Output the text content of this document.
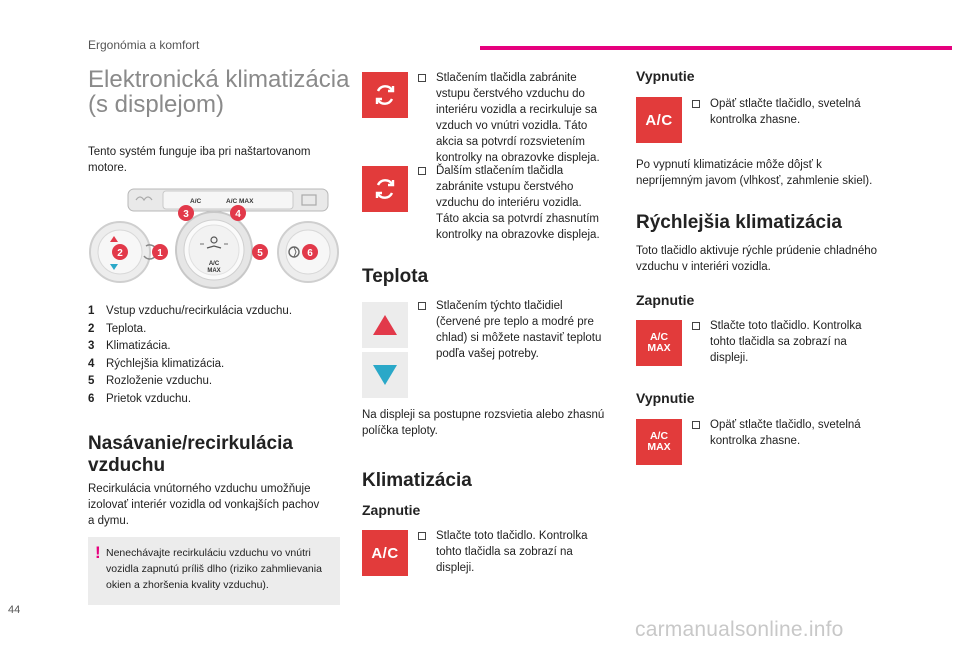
Ergonómia a komfort
Elektronická klimatizácia
(s displejom)
Tento systém funguje iba pri naštartovanom
motore.
A/C	A/C MAX
A/C
MAX
3	4
2	1	5	6
1	Vstup vzduchu/recirkulácia vzduchu.
2	Teplota.
3	Klimatizácia.
4	Rýchlejšia klimatizácia.
5	Rozloženie vzduchu.
6	Prietok vzduchu.
Nasávanie/recirkulácia
vzduchu
Recirkulácia vnútorného vzduchu umožňuje
izolovať interiér vozidla od vonkajších pachov
a dymu.
! Nenechávajte recirkuláciu vzduchu vo vnútri
vozidla zapnutú príliš dlho (riziko zahmlievania
okien a zhoršenia kvality vzduchu).
Stlačením tlačidla zabránite
vstupu čerstvého vzduchu do
interiéru vozidla a recirkuluje sa
vzduch vo vnútri vozidla. Táto
akcia sa potvrdí rozsvietením
kontrolky na obrazovke displeja.
Ďalším stlačením tlačidla
zabránite vstupu čerstvého
vzduchu do interiéru vozidla.
Táto akcia sa potvrdí zhasnutím
kontrolky na obrazovke displeja.
Teplota
Stlačením týchto tlačidiel
(červené pre teplo a modré pre
chlad) si môžete nastaviť teplotu
podľa vašej potreby.
Na displeji sa postupne rozsvietia alebo zhasnú
políčka teploty.
Klimatizácia
Zapnutie
A/C
Stlačte toto tlačidlo. Kontrolka
tohto tlačidla sa zobrazí na
displeji.
Vypnutie
A/C
Opäť stlačte tlačidlo, svetelná
kontrolka zhasne.
Po vypnutí klimatizácie môže dôjsť k
nepríjemným javom (vlhkosť, zahmlenie skiel).
Rýchlejšia klimatizácia
Toto tlačidlo aktivuje rýchle prúdenie chladného
vzduchu v interiéri vozidla.
Zapnutie
A/C
MAX
Stlačte toto tlačidlo. Kontrolka
tohto tlačidla sa zobrazí na
displeji.
Vypnutie
A/C
MAX
Opäť stlačte tlačidlo, svetelná
kontrolka zhasne.
44
carmanualsonline.info
